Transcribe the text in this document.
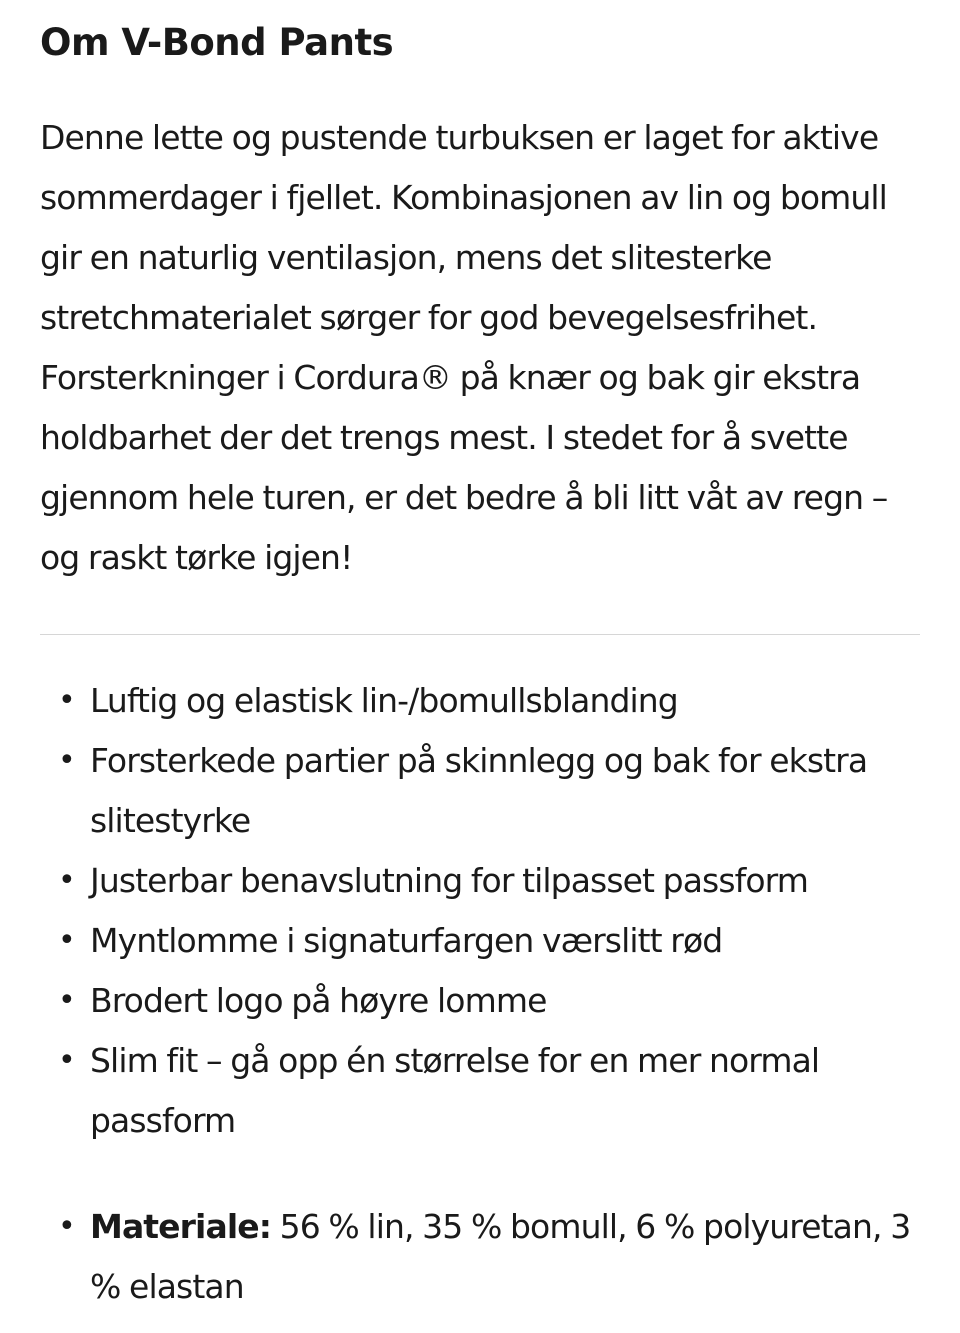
Om V-Bond Pants

Denne lette og pustende turbuksen er laget for aktive sommerdager i fjellet. Kombinasjonen av lin og bomull gir en naturlig ventilasjon, mens det slitesterke stretchmaterialet sørger for god bevegelsesfrihet. Forsterkninger i Cordura® på knær og bak gir ekstra holdbarhet der det trengs mest. I stedet for å svette gjennom hele turen, er det bedre å bli litt våt av regn – og raskt tørke igjen!

• Luftig og elastisk lin-/bomullsblanding
• Forsterkede partier på skinnlegg og bak for ekstra slitestyrke
• Justerbar benavslutning for tilpasset passform
• Myntlomme i signaturfargen værslitt rød
• Brodert logo på høyre lomme
• Slim fit – gå opp én størrelse for en mer normal passform
• Materiale: 56 % lin, 35 % bomull, 6 % polyuretan, 3 % elastan
